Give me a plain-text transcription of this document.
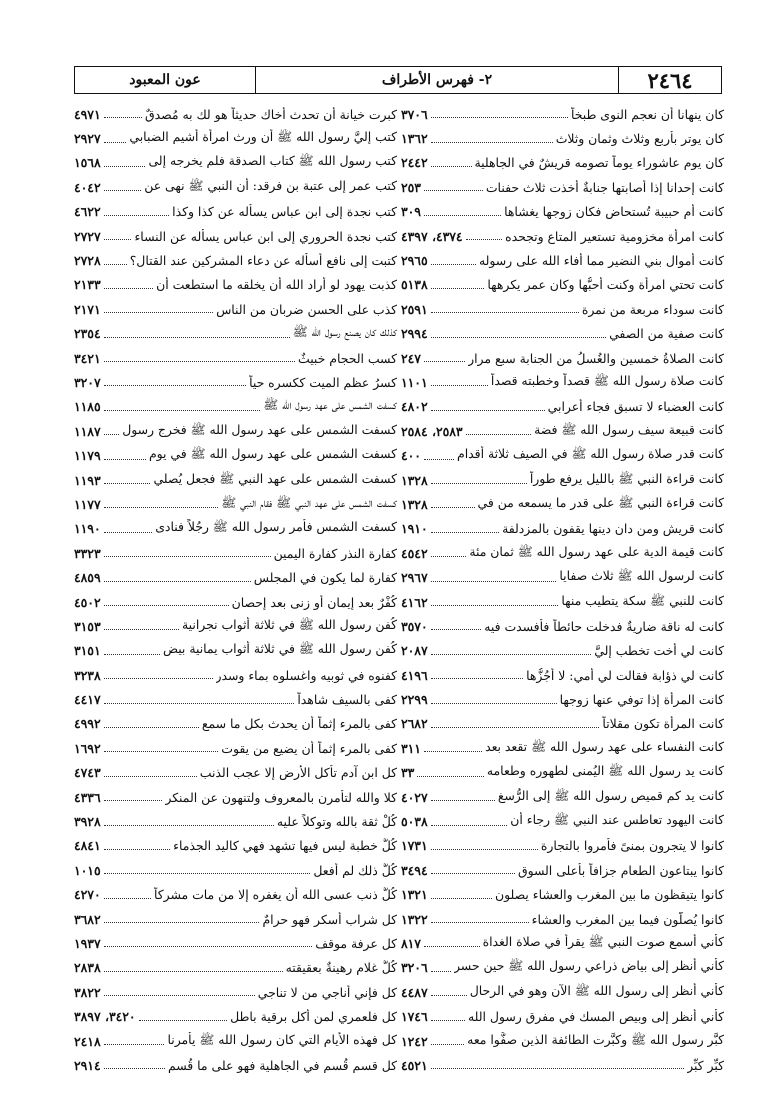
٢٤٦٤
٢- فهرس الأطراف
عون المعبود
كان ينهانا أن نعجم النوى طبخاً
٣٧٠٦
كان يوتر بأربع وثلاث وثمان وثلاث
١٣٦٢
كان يوم عاشوراء يوماً تصومه قريشٌ في الجاهلية
٢٤٤٢
كانت إحدانا إذا أصابتها جنابةٌ أخذت ثلاث حفنات
٢٥٣
كانت أم حبيبة تُستحاض فكان زوجها يغشاها
٣٠٩
كانت امرأة مخزومية تستعير المتاع وتجحده
٤٣٧٤، ٤٣٩٧
كانت أموال بني النضير مما أفاء الله على رسوله
٢٩٦٥
كانت تحتي امرأة وكنت أُحبُّها وكان عمر يكرهها
٥١٣٨
كانت سوداء مربعة من نمرة
٢٥٩١
كانت صفية من الصفي
٢٩٩٤
كانت الصلاةُ خمسين والغُسلُ من الجنابة سبع مرار
٢٤٧
كانت صلاة رسول الله ﷺ قصداً وخطبته قصداً
١١٠١
كانت العضباء لا تسبق فجاء أعرابي
٤٨٠٢
كانت قبيعة سيف رسول الله ﷺ فضة
٢٥٨٣، ٢٥٨٤
كانت قدر صلاة رسول الله ﷺ في الصيف ثلاثة أقدام
٤٠٠
كانت قراءة النبي ﷺ بالليل يرفع طوراً
١٣٢٨
كانت قراءة النبي ﷺ على قدر ما يسمعه من في
١٣٢٨
كانت قريش ومن دان دينها يقفون بالمزدلفة
١٩١٠
كانت قيمة الدية على عهد رسول الله ﷺ ثمان مئة
٤٥٤٢
كانت لرسول الله ﷺ ثلاث صفايا
٢٩٦٧
كانت للنبي ﷺ سكة يتطيب منها
٤١٦٢
كانت له ناقة ضاريةٌ فدخلت حائطاً فأفسدت فيه
٣٥٧٠
كانت لي أخت تخطب إليَّ
٢٠٨٧
كانت لي ذؤابة فقالت لي أمي: لا أجُزُّها
٤١٩٦
كانت المرأة إذا توفي عنها زوجها
٢٢٩٩
كانت المرأة تكون مقلاتاً
٢٦٨٢
كانت النفساء على عهد رسول الله ﷺ تقعد بعد
٣١١
كانت يد رسول الله ﷺ اليُمنى لطهوره وطعامه
٣٣
كانت يد كم قميص رسول الله ﷺ إلى الرُّسغ
٤٠٢٧
كانت اليهود تعاطس عند النبي ﷺ رجاء أن
٥٠٣٨
كانوا لا يتجرون بمنىً فأمروا بالتجارة
١٧٣١
كانوا يبتاعون الطعام جزافاً بأعلى السوق
٣٤٩٤
كانوا يتيقظون ما بين المغرب والعشاء يصلون
١٣٢١
كانوا يُصلُّون فيما بين المغرب والعشاء
١٣٢٢
كأني أسمع صوت النبي ﷺ يقرأ في صلاة الغداة
٨١٧
كأني أنظر إلى بياض ذراعي رسول الله ﷺ حين حسر
٣٢٠٦
كأني أنظر إلى رسول الله ﷺ الآن وهو في الرحال
٤٤٨٧
كأني أنظر إلى وبيص المسك في مفرق رسول الله
١٧٤٦
كبَّر رسول الله ﷺ وكبَّرت الطائفة الذين صفُّوا معه
١٢٤٢
كبِّر كبِّر
٤٥٢١
كبرت خيانة أن تحدث أخاك حديثاً هو لك به مُصدقٌ
٤٩٧١
كتب إليَّ رسول الله ﷺ أن ورث امرأة أشيم الضبابي
٢٩٢٧
كتب رسول الله ﷺ كتاب الصدقة فلم يخرجه إلى
١٥٦٨
كتب عمر إلى عتبة بن فرقد: أن النبي ﷺ نهى عن
٤٠٤٢
كتب نجدة إلى ابن عباس يسأله عن كذا وكذا
٤٦٢٢
كتب نجدة الحروري إلى ابن عباس يسأله عن النساء
٢٧٢٧
كتبت إلى نافع أسأله عن دعاء المشركين عند القتال؟
٢٧٢٨
كذبت يهود لو أراد الله أن يخلقه ما استطعت أن
٢١٣٣
كذب على الحسن ضربان من الناس
٢١٧١
كذلك كان يصنع رسول الله ﷺ
٢٣٥٤
كسب الحجام خبيثٌ
٣٤٢١
كسرُ عظم الميت ككسره حياً
٣٢٠٧
كسفت الشمس على عهد رسول الله ﷺ
١١٨٥
كسفت الشمس على عهد رسول الله ﷺ فخرج رسول
١١٨٧
كسفت الشمس على عهد رسول الله ﷺ في يوم
١١٧٩
كسفت الشمس على عهد النبي ﷺ فجعل يُصلي
١١٩٣
كسفت الشمس على عهد النبي ﷺ فقام النبي ﷺ
١١٧٧
كسفت الشمس فأمر رسول الله ﷺ رجُلاً فنادى
١١٩٠
كفارة النذر كفارة اليمين
٣٣٢٣
كفارة لما يكون في المجلس
٤٨٥٩
كُفْرٌ بعد إيمان أو زنى بعد إحصان
٤٥٠٢
كُفن رسول الله ﷺ في ثلاثة أثواب نجرانية
٣١٥٣
كُفن رسول الله ﷺ في ثلاثة أثواب يمانية بيض
٣١٥١
كفنوه في ثوبيه واغسلوه بماء وسدر
٣٢٣٨
كفى بالسيف شاهداً
٤٤١٧
كفى بالمرء إثماً أن يحدث بكل ما سمع
٤٩٩٢
كفى بالمرء إثماً أن يضيع من يقوت
١٦٩٢
كل ابن آدم تأكل الأرض إلا عجب الذنب
٤٧٤٣
كلا والله لتأمرن بالمعروف ولتنهون عن المنكر
٤٣٣٦
كُلْ ثقة بالله وتوكلاً عليه
٣٩٢٨
كُلُّ خطبة ليس فيها تشهد فهي كاليد الجذماء
٤٨٤١
كُلُّ ذلك لم أفعل
١٠١٥
كُلُّ ذنب عسى الله أن يغفره إلا من مات مشركاً
٤٢٧٠
كل شراب أسكر فهو حرامٌ
٣٦٨٢
كل عرفة موقف
١٩٣٧
كُلُّ غلام رهينةٌ بعقيقته
٢٨٣٨
كل فإني أُناجي من لا تناجي
٣٨٢٢
كل فلعمري لمن أكل برقية باطل
٣٤٢٠، ٣٨٩٧
كل فهذه الأيام التي كان رسول الله ﷺ يأمرنا
٢٤١٨
كل قسم قُسم في الجاهلية فهو على ما قُسم
٢٩١٤
